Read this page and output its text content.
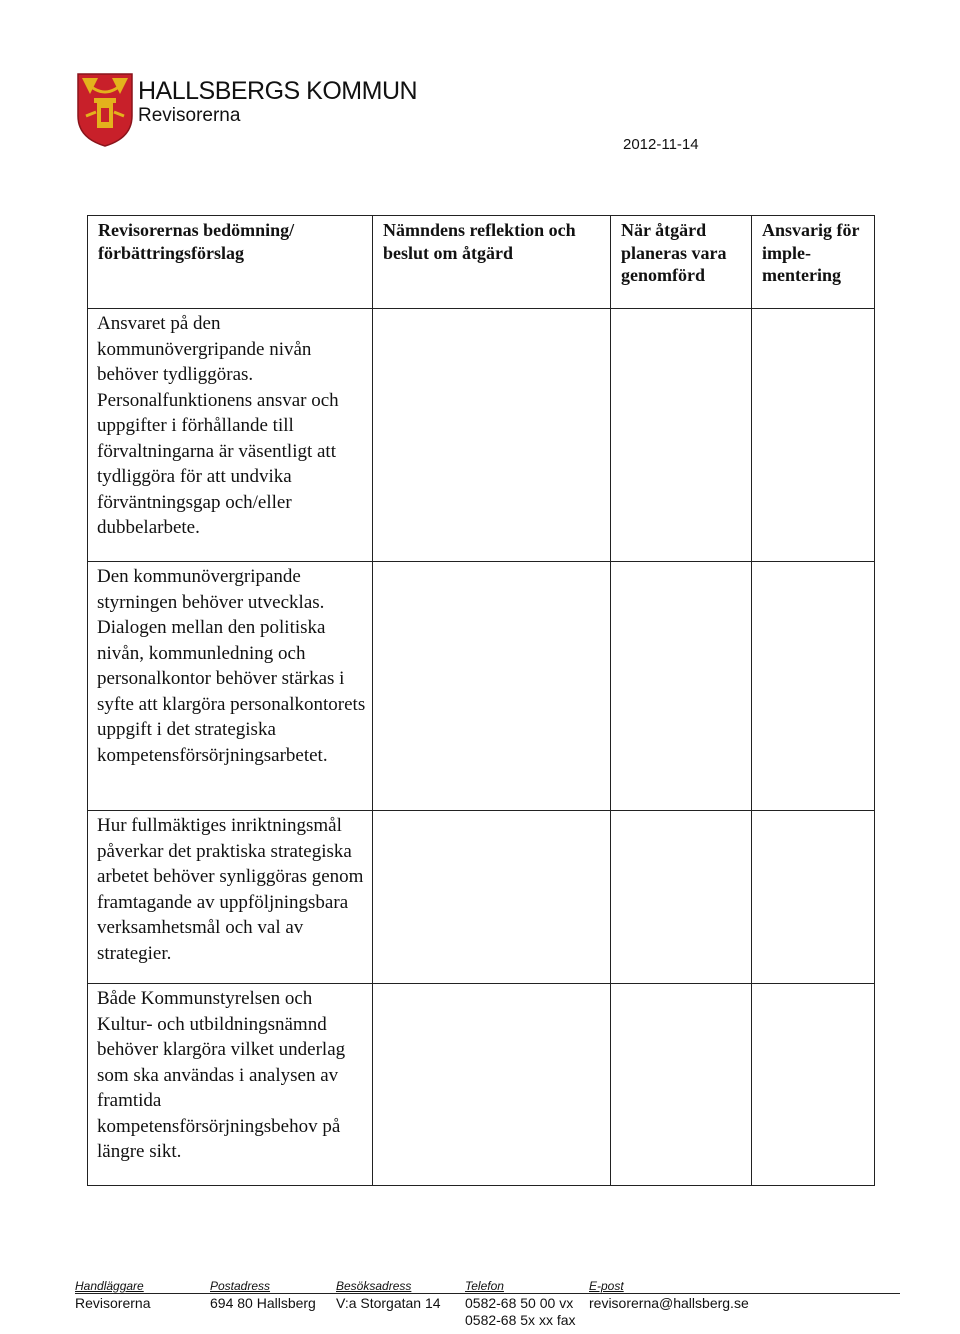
HALLSBERGS KOMMUN
Revisorerna
2012-11-14
Revisorernas bedömning/ förbättringsförslag	Nämndens reflektion och beslut om åtgärd	När åtgärd planeras vara genomförd	Ansvarig för imple-mentering
Ansvaret på den kommunövergripande nivån behöver tydliggöras. Personalfunktionens ansvar och uppgifter i förhållande till förvaltningarna är väsentligt att tydliggöra för att undvika förväntningsgap och/eller dubbelarbete.			
Den kommunövergripande styrningen behöver utvecklas. Dialogen mellan den politiska nivån, kommunledning och personalkontor behöver stärkas i syfte att klargöra personalkontorets uppgift i det strategiska kompetensförsörjningsarbetet.			
Hur fullmäktiges inriktningsmål påverkar det praktiska strategiska arbetet behöver synliggöras genom framtagande av uppföljningsbara verksamhetsmål och val av strategier.			
Både Kommunstyrelsen och Kultur- och utbildningsnämnd behöver klargöra vilket underlag som ska användas i analysen av framtida kompetensförsörjningsbehov på längre sikt.			
Handläggare	Postadress	Besöksadress	Telefon	E-post
Revisorerna	694 80 Hallsberg V:a Storgatan 14 0582-68 50 00 vx
0582-68 5x xx fax
revisorerna@hallsberg.se
